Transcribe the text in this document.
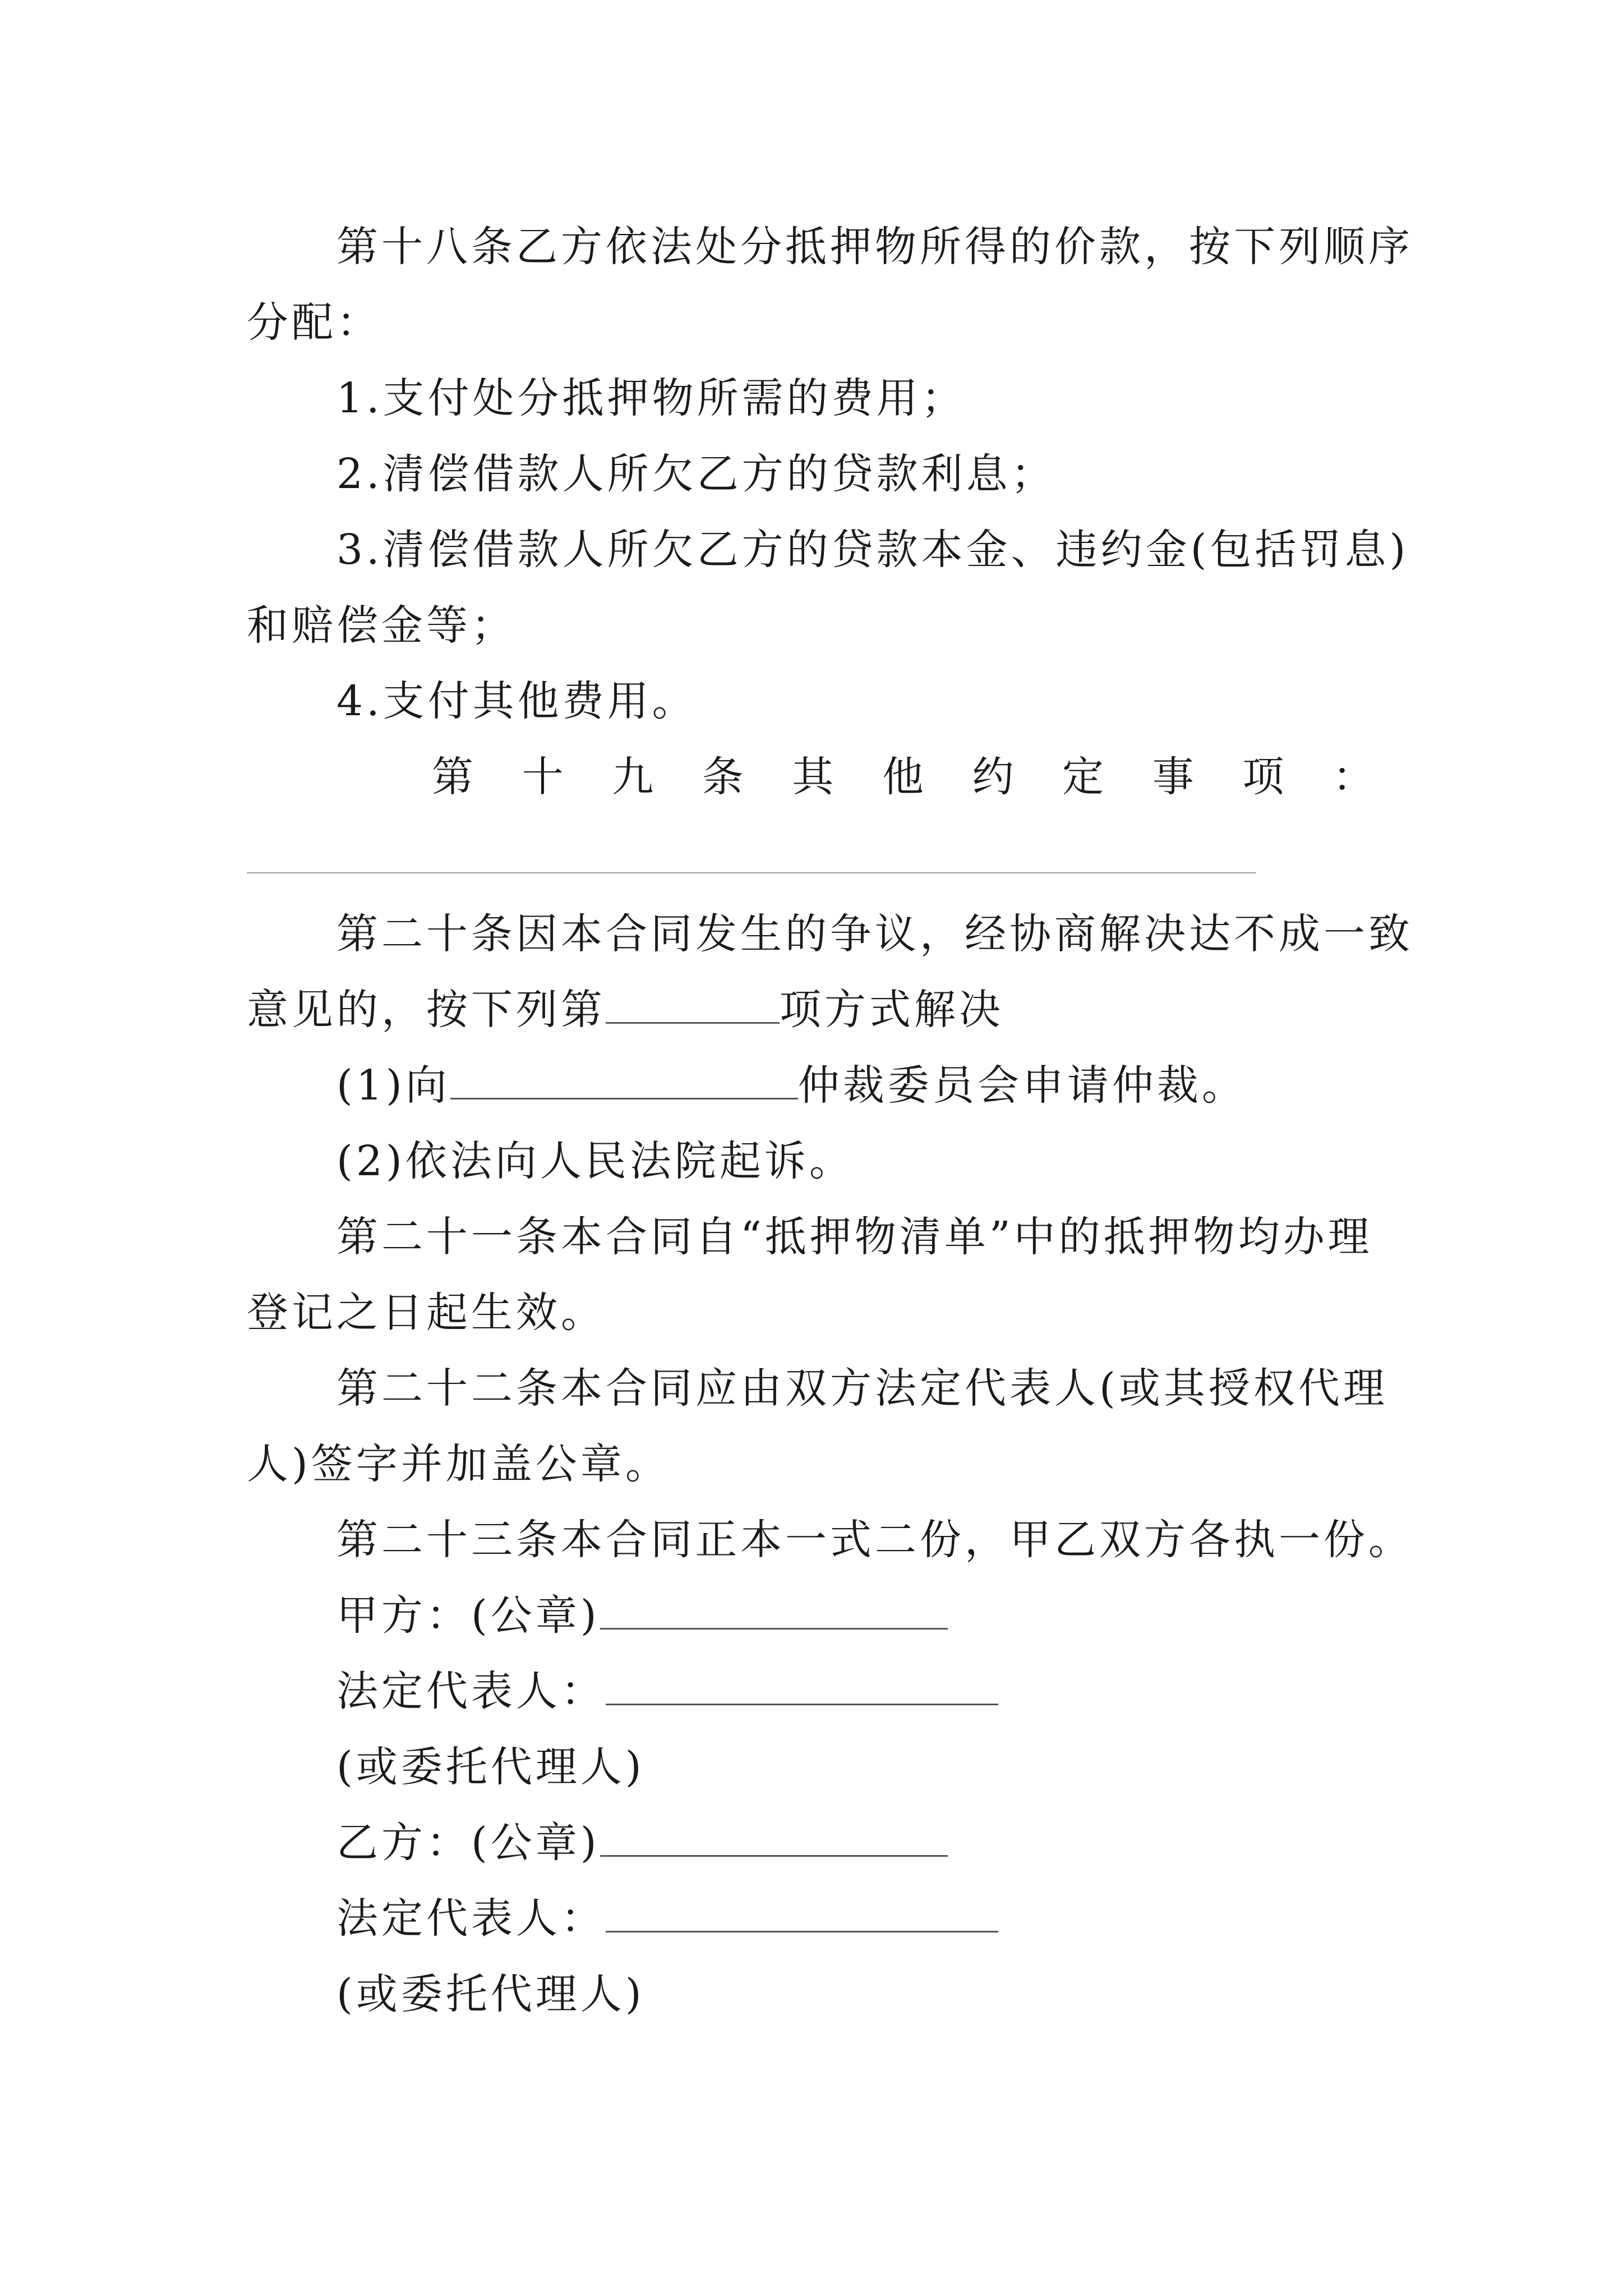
第十八条乙方依法处分抵押物所得的价款，按下列顺序
分配：
1.支付处分抵押物所需的费用；
2.清偿借款人所欠乙方的贷款利息；
3.清偿借款人所欠乙方的贷款本金、违约金(包括罚息)
和赔偿金等；
4.支付其他费用。
第 十 九 条 其 他 约 定 事 项 ：
第二十条因本合同发生的争议，经协商解决达不成一致
意见的，按下列第	项方式解决
(1)向	仲裁委员会申请仲裁。
(2)依法向人民法院起诉。
第二十一条本合同自“抵押物清单”中的抵押物均办理
登记之日起生效。
第二十二条本合同应由双方法定代表人(或其授权代理
人)签字并加盖公章。
第二十三条本合同正本一式二份，甲乙双方各执一份。
甲方：(公章)
法定代表人：
(或委托代理人)
乙方：(公章)
法定代表人：
(或委托代理人)
